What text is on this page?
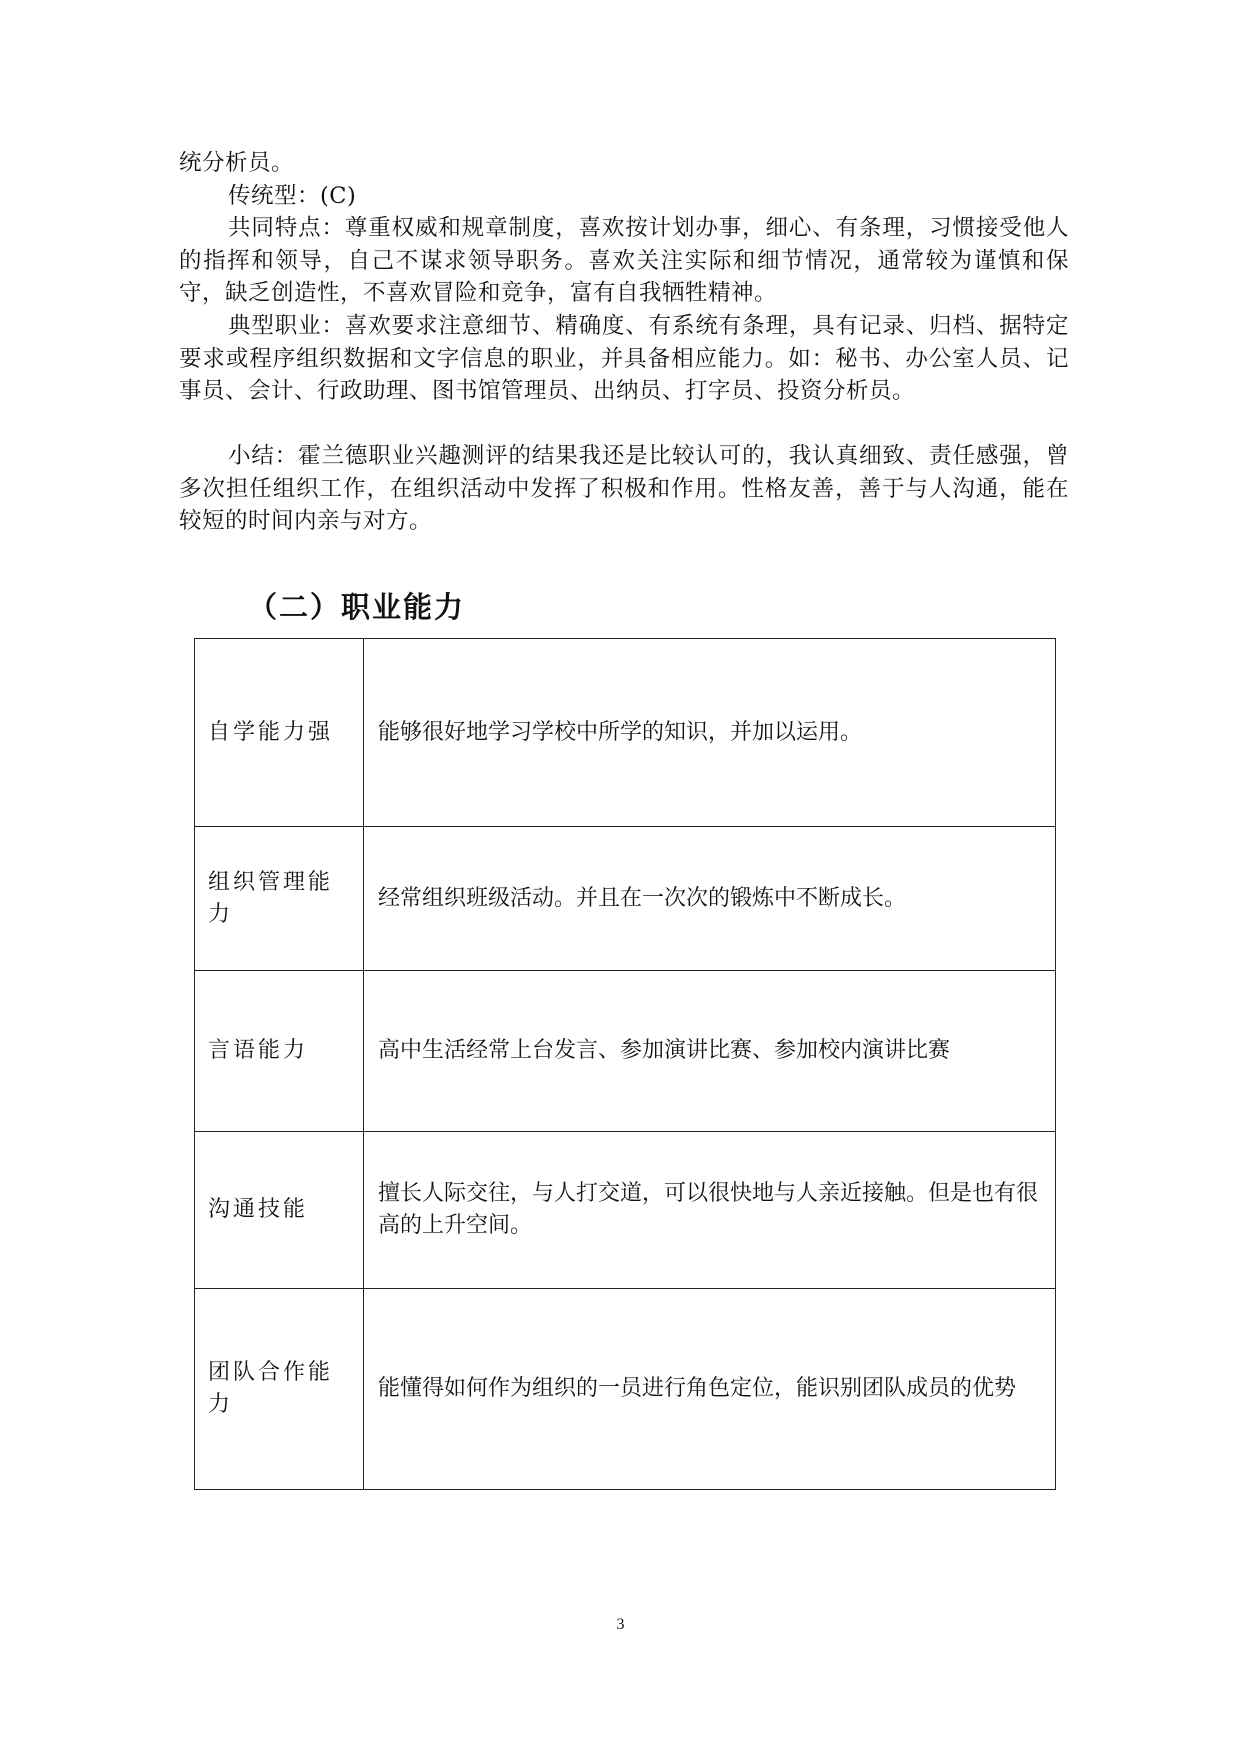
统分析员。

传统型：(C)

共同特点：尊重权威和规章制度，喜欢按计划办事，细心、有条理，习惯接受他人的指挥和领导，自己不谋求领导职务。喜欢关注实际和细节情况，通常较为谨慎和保守，缺乏创造性，不喜欢冒险和竞争，富有自我牺牲精神。

典型职业：喜欢要求注意细节、精确度、有系统有条理，具有记录、归档、据特定要求或程序组织数据和文字信息的职业，并具备相应能力。如：秘书、办公室人员、记事员、会计、行政助理、图书馆管理员、出纳员、打字员、投资分析员。

小结：霍兰德职业兴趣测评的结果我还是比较认可的，我认真细致、责任感强，曾多次担任组织工作，在组织活动中发挥了积极和作用。性格友善，善于与人沟通，能在较短的时间内亲与对方。

（二）职业能力
自学能力强	能够很好地学习学校中所学的知识，并加以运用。
组织管理能力	经常组织班级活动。并且在一次次的锻炼中不断成长。
言语能力	高中生活经常上台发言、参加演讲比赛、参加校内演讲比赛
沟通技能	擅长人际交往，与人打交道，可以很快地与人亲近接触。但是也有很高的上升空间。
团队合作能力	能懂得如何作为组织的一员进行角色定位，能识别团队成员的优势
3
